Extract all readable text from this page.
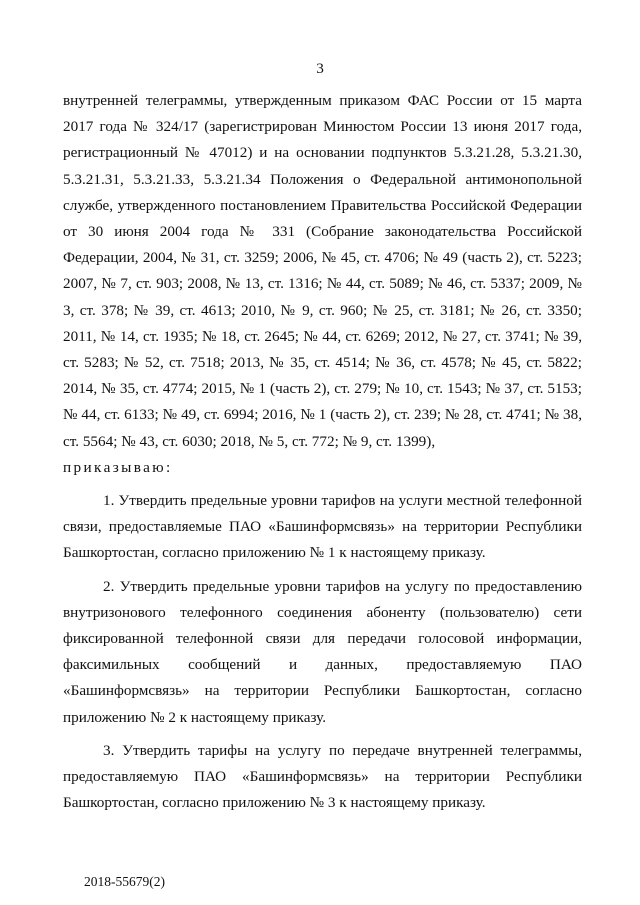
3

внутренней телеграммы, утвержденным приказом ФАС России от 15 марта 2017 года № 324/17 (зарегистрирован Минюстом России 13 июня 2017 года, регистрационный № 47012) и на основании подпунктов 5.3.21.28, 5.3.21.30, 5.3.21.31, 5.3.21.33, 5.3.21.34 Положения о Федеральной антимонопольной службе, утвержденного постановлением Правительства Российской Федерации от 30 июня 2004 года № 331 (Собрание законодательства Российской Федерации, 2004, № 31, ст. 3259; 2006, № 45, ст. 4706; № 49 (часть 2), ст. 5223; 2007, № 7, ст. 903; 2008, № 13, ст. 1316; № 44, ст. 5089; № 46, ст. 5337; 2009, № 3, ст. 378; № 39, ст. 4613; 2010, № 9, ст. 960; № 25, ст. 3181; № 26, ст. 3350; 2011, № 14, ст. 1935; № 18, ст. 2645; № 44, ст. 6269; 2012, № 27, ст. 3741; № 39, ст. 5283; № 52, ст. 7518; 2013, № 35, ст. 4514; № 36, ст. 4578; № 45, ст. 5822; 2014, № 35, ст. 4774; 2015, № 1 (часть 2), ст. 279; № 10, ст. 1543; № 37, ст. 5153; № 44, ст. 6133; № 49, ст. 6994; 2016, № 1 (часть 2), ст. 239; № 28, ст. 4741; № 38, ст. 5564; № 43, ст. 6030; 2018, № 5, ст. 772; № 9, ст. 1399),

приказываю:

1. Утвердить предельные уровни тарифов на услуги местной телефонной связи, предоставляемые ПАО «Башинформсвязь» на территории Республики Башкортостан, согласно приложению № 1 к настоящему приказу.

2. Утвердить предельные уровни тарифов на услугу по предоставлению внутризонового телефонного соединения абоненту (пользователю) сети фиксированной телефонной связи для передачи голосовой информации, факсимильных сообщений и данных, предоставляемую ПАО «Башинформсвязь» на территории Республики Башкортостан, согласно приложению № 2 к настоящему приказу.

3. Утвердить тарифы на услугу по передаче внутренней телеграммы, предоставляемую ПАО «Башинформсвязь» на территории Республики Башкортостан, согласно приложению № 3 к настоящему приказу.

2018-55679(2)
